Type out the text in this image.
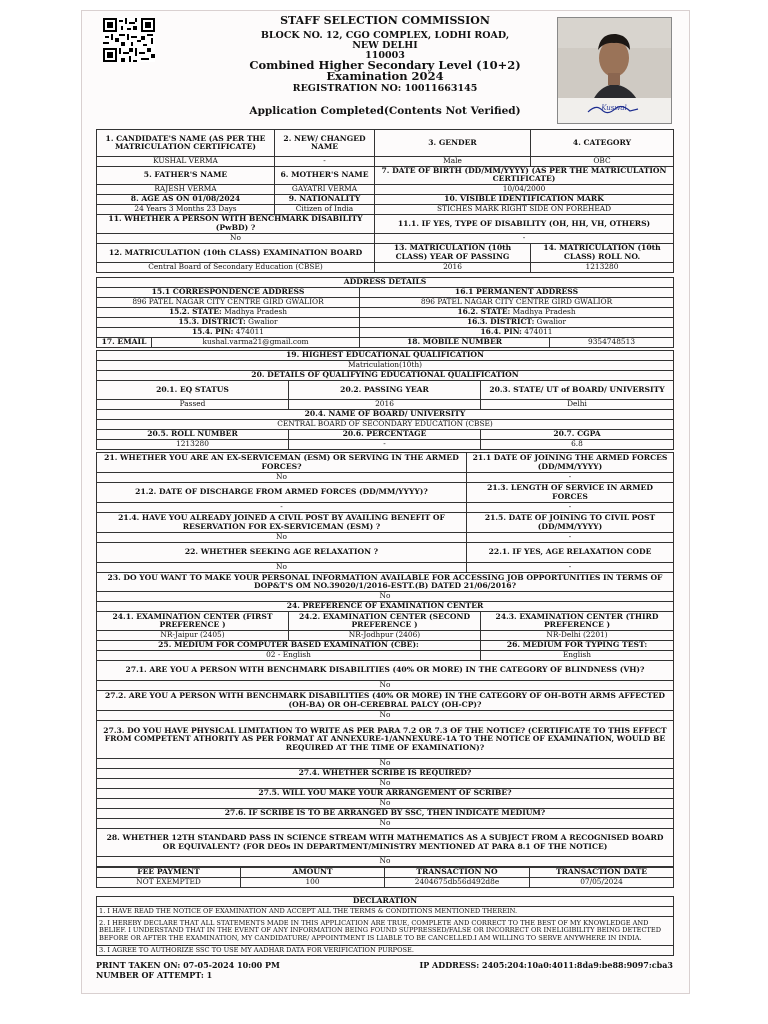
STAFF SELECTION COMMISSION
BLOCK NO. 12, CGO COMPLEX, LODHI ROAD,
NEW DELHI
110003
Combined Higher Secondary Level (10+2)
Examination 2024
REGISTRATION NO: 10011663145
Application Completed(Contents Not Verified)	Kuswal
1. CANDIDATE'S NAME (AS PER THE MATRICULATION CERTIFICATE)	2. NEW/ CHANGED NAME	3. GENDER	4. CATEGORY
KUSHAL VERMA	-	Male	OBC
5. FATHER'S NAME	6. MOTHER'S NAME	7. DATE OF BIRTH (DD/MM/YYYY) (AS PER THE MATRICULATION CERTIFICATE)	
RAJESH VERMA	GAYATRI VERMA	10/04/2000	
8. AGE AS ON 01/08/2024	9. NATIONALITY	10. VISIBLE IDENTIFICATION MARK	
24 Years 3 Months 23 Days	Citizen of India	STICHES MARK RIGHT SIDE ON FOREHEAD	
11. WHETHER A PERSON WITH BENCHMARK DISABILITY (PwBD) ?		11.1. IF YES, TYPE OF DISABILITY (OH, HH, VH, OTHERS)	
No		-	
12. MATRICULATION (10th CLASS) EXAMINATION BOARD		13. MATRICULATION (10th CLASS) YEAR OF PASSING	14. MATRICULATION (10th CLASS) ROLL NO.
Central Board of Secondary Education (CBSE)		2016	1213280
ADDRESS DETAILS			
15.1 CORRESPONDENCE ADDRESS		16.1 PERMANENT ADDRESS	
896 PATEL NAGAR CITY CENTRE GIRD GWALIOR		896 PATEL NAGAR CITY CENTRE GIRD GWALIOR	
15.2. STATE: Madhya Pradesh		16.2. STATE: Madhya Pradesh	
15.3. DISTRICT: Gwalior		16.3. DISTRICT: Gwalior	
15.4. PIN: 474011		16.4. PIN: 474011	
17. EMAIL	kushal.varma21@gmail.com	18. MOBILE NUMBER	9354748513
19. HIGHEST EDUCATIONAL QUALIFICATION		
Matriculation(10th)		
20. DETAILS OF QUALIFYING EDUCATIONAL QUALIFICATION		
20.1. EQ STATUS	20.2. PASSING YEAR	20.3. STATE/ UT of BOARD/ UNIVERSITY
Passed	2016	Delhi
20.4. NAME OF BOARD/ UNIVERSITY		
CENTRAL BOARD OF SECONDARY EDUCATION (CBSE)		
20.5. ROLL NUMBER	20.6. PERCENTAGE	20.7. CGPA
1213280	-	6.8
21. WHETHER YOU ARE AN EX-SERVICEMAN (ESM) OR SERVING IN THE ARMED FORCES?	21.1 DATE OF JOINING THE ARMED FORCES (DD/MM/YYYY)
No	-
21.2. DATE OF DISCHARGE FROM ARMED FORCES (DD/MM/YYYY)?	21.3. LENGTH OF SERVICE IN ARMED FORCES
-	-
21.4. HAVE YOU ALREADY JOINED A CIVIL POST BY AVAILING BENEFIT OF RESERVATION FOR EX-SERVICEMAN (ESM) ?	21.5. DATE OF JOINING TO CIVIL POST (DD/MM/YYYY)
No	-
22. WHETHER SEEKING AGE RELAXATION ?	22.1. IF YES, AGE RELAXATION CODE
No	-
23. DO YOU WANT TO MAKE YOUR PERSONAL INFORMATION AVAILABLE FOR ACCESSING JOB OPPORTUNITIES IN TERMS OF DOP&T'S OM NO.39020/1/2016-ESTT.(B) DATED 21/06/2016?		
No		
24. PREFERENCE OF EXAMINATION CENTER		
24.1. EXAMINATION CENTER (FIRST PREFERENCE )	24.2. EXAMINATION CENTER (SECOND PREFERENCE )	24.3. EXAMINATION CENTER (THIRD PREFERENCE )
NR-Jaipur (2405)	NR-Jodhpur (2406)	NR-Delhi (2201)
25. MEDIUM FOR COMPUTER BASED EXAMINATION (CBE):	26. MEDIUM FOR TYPING TEST:
02 - English	English
27.1. ARE YOU A PERSON WITH BENCHMARK DISABILITIES (40% OR MORE) IN THE CATEGORY OF BLINDNESS (VH)?	
No	
27.2. ARE YOU A PERSON WITH BENCHMARK DISABILITIES (40% OR MORE) IN THE CATEGORY OF OH-BOTH ARMS AFFECTED (OH-BA) OR OH-CEREBRAL PALCY (OH-CP)?	
No	
27.3. DO YOU HAVE PHYSICAL LIMITATION TO WRITE AS PER PARA 7.2 OR 7.3 OF THE NOTICE? (CERTIFICATE TO THIS EFFECT FROM COMPETENT ATHORITY AS PER FORMAT AT ANNEXURE-1/ANNEXURE-1A TO THE NOTICE OF EXAMINATION, WOULD BE REQUIRED AT THE TIME OF EXAMINATION)?	
No	
27.4. WHETHER SCRIBE IS REQUIRED?	
No	
27.5. WILL YOU MAKE YOUR ARRANGEMENT OF SCRIBE?	
No	
27.6. IF SCRIBE IS TO BE ARRANGED BY SSC, THEN INDICATE MEDIUM?	
No	
28. WHETHER 12TH STANDARD PASS IN SCIENCE STREAM WITH MATHEMATICS AS A SUBJECT FROM A RECOGNISED BOARD OR EQUIVALENT? (FOR DEOs IN DEPARTMENT/MINISTRY MENTIONED AT PARA 8.1 OF THE NOTICE)	
No	
FEE PAYMENT	AMOUNT	TRANSACTION NO	TRANSACTION DATE
NOT EXEMPTED	100	2404675db56d492d8e	07/05/2024
DECLARATION
1. I HAVE READ THE NOTICE OF EXAMINATION AND ACCEPT ALL THE TERMS & CONDITIONS MENTIONED THEREIN.
2. I HEREBY DECLARE THAT ALL STATEMENTS MADE IN THIS APPLICATION ARE TRUE, COMPLETE AND CORRECT TO THE BEST OF MY KNOWLEDGE AND BELIEF. I UNDERSTAND THAT IN THE EVENT OF ANY INFORMATION BEING FOUND SUPPRESSED/FALSE OR INCORRECT OR INELIGIBILITY BEING DETECTED BEFORE OR AFTER THE EXAMINATION, MY CANDIDATURE/ APPOINTMENT IS LIABLE TO BE CANCELLED.I AM WILLING TO SERVE ANYWHERE IN INDIA.
3. I AGREE TO AUTHORIZE SSC TO USE MY AADHAR DATA FOR VERIFICATION PURPOSE.
PRINT TAKEN ON: 07-05-2024 10:00 PM
NUMBER OF ATTEMPT: 1
IP ADDRESS: 2405:204:10a0:4011:8da9:be88:9097:cba3
